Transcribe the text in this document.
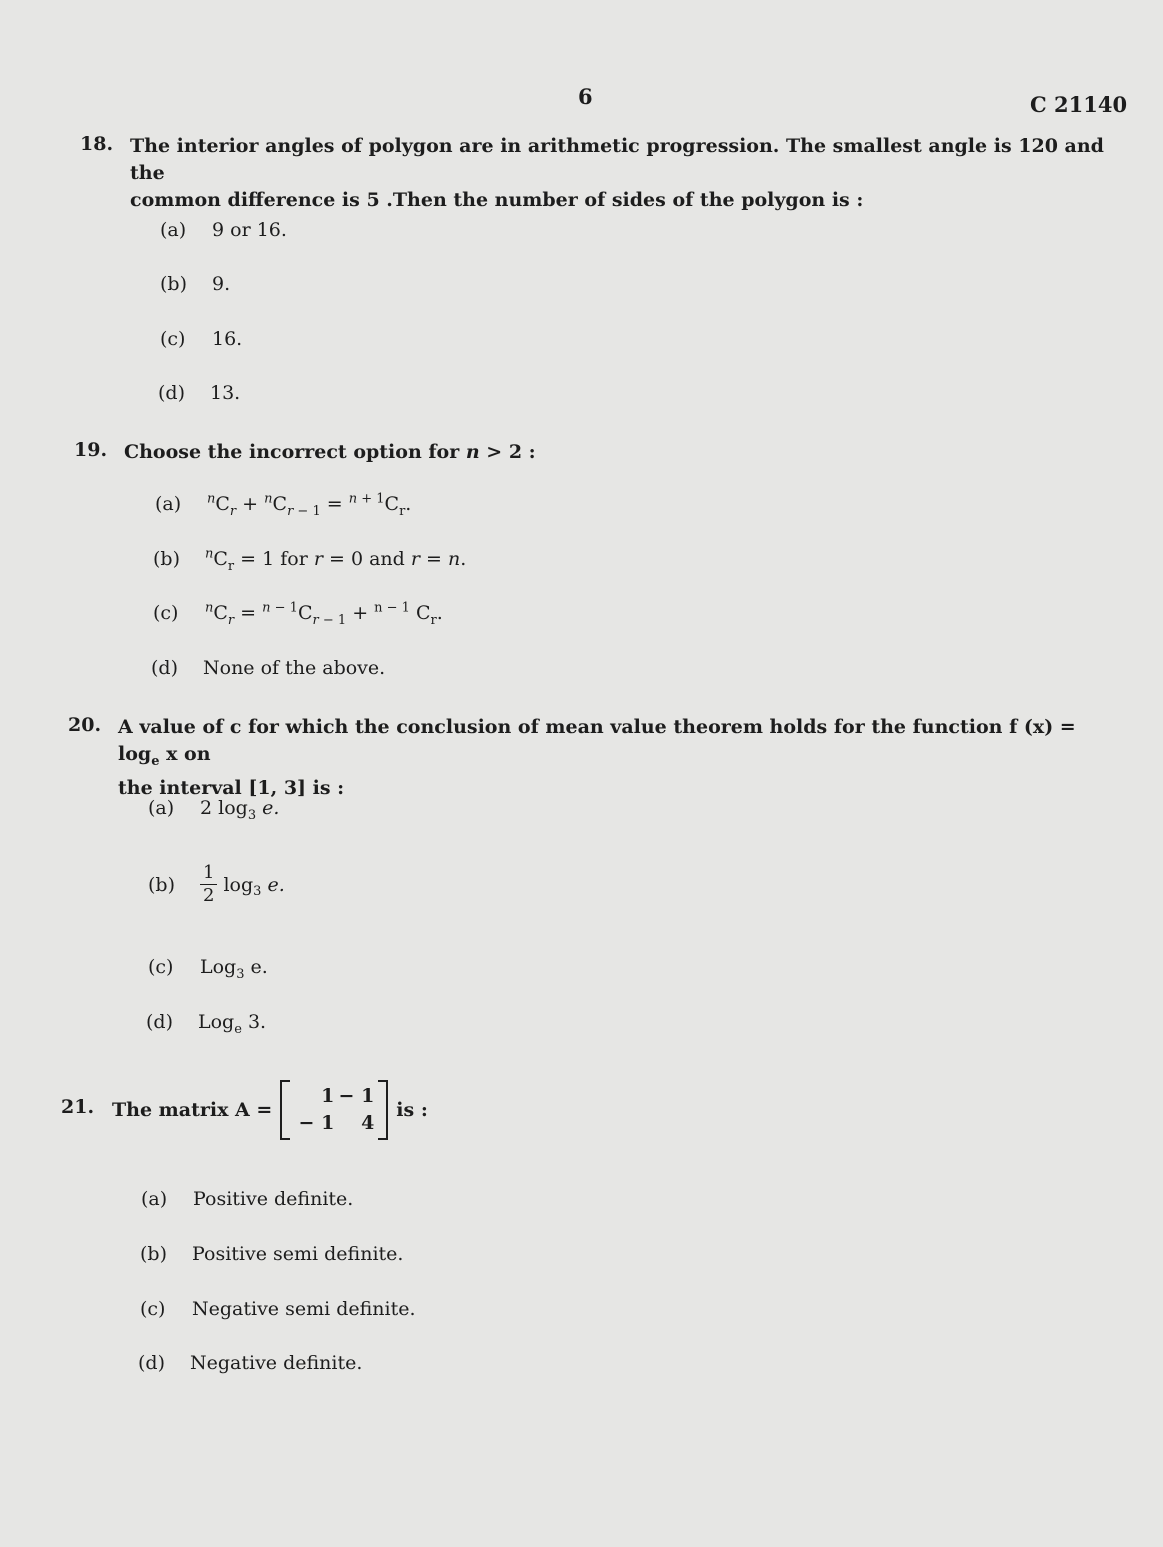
6	C 21140
18. The interior angles of polygon are in arithmetic progression. The smallest angle is 120 and the
common difference is 5 .Then the number of sides of the polygon is :
(a) 9 or 16.
(b) 9.
(c) 16.
(d) 13.
19. Choose the incorrect option for n > 2 :
(a) $^nC_r + ^nC_{r - 1} = ^{n + 1}C_r$.
(b) $^nC_r = 1$ for r = 0 and r = n.
(c) $^nC_r = ^{n - 1}C_{r - 1} + ^{n - 1}$ $C_r$.
(d) None of the above.
20. A value of c for which the conclusion of mean value theorem holds for the function f $(x) = \log_e x$ on
the interval [1, 3] is :
(a) 2 $\log_3 e$.
$(b) \frac{1}{2} \log_3 e$.
(c) Log$_3$ e.
(d) Log$_e$ 3.
21. The matrix A =
1 − 1
− 1	4
is :
(a) Positive definite.
(b) Positive semi definite.
(c) Negative semi definite.
(d) Negative definite.
